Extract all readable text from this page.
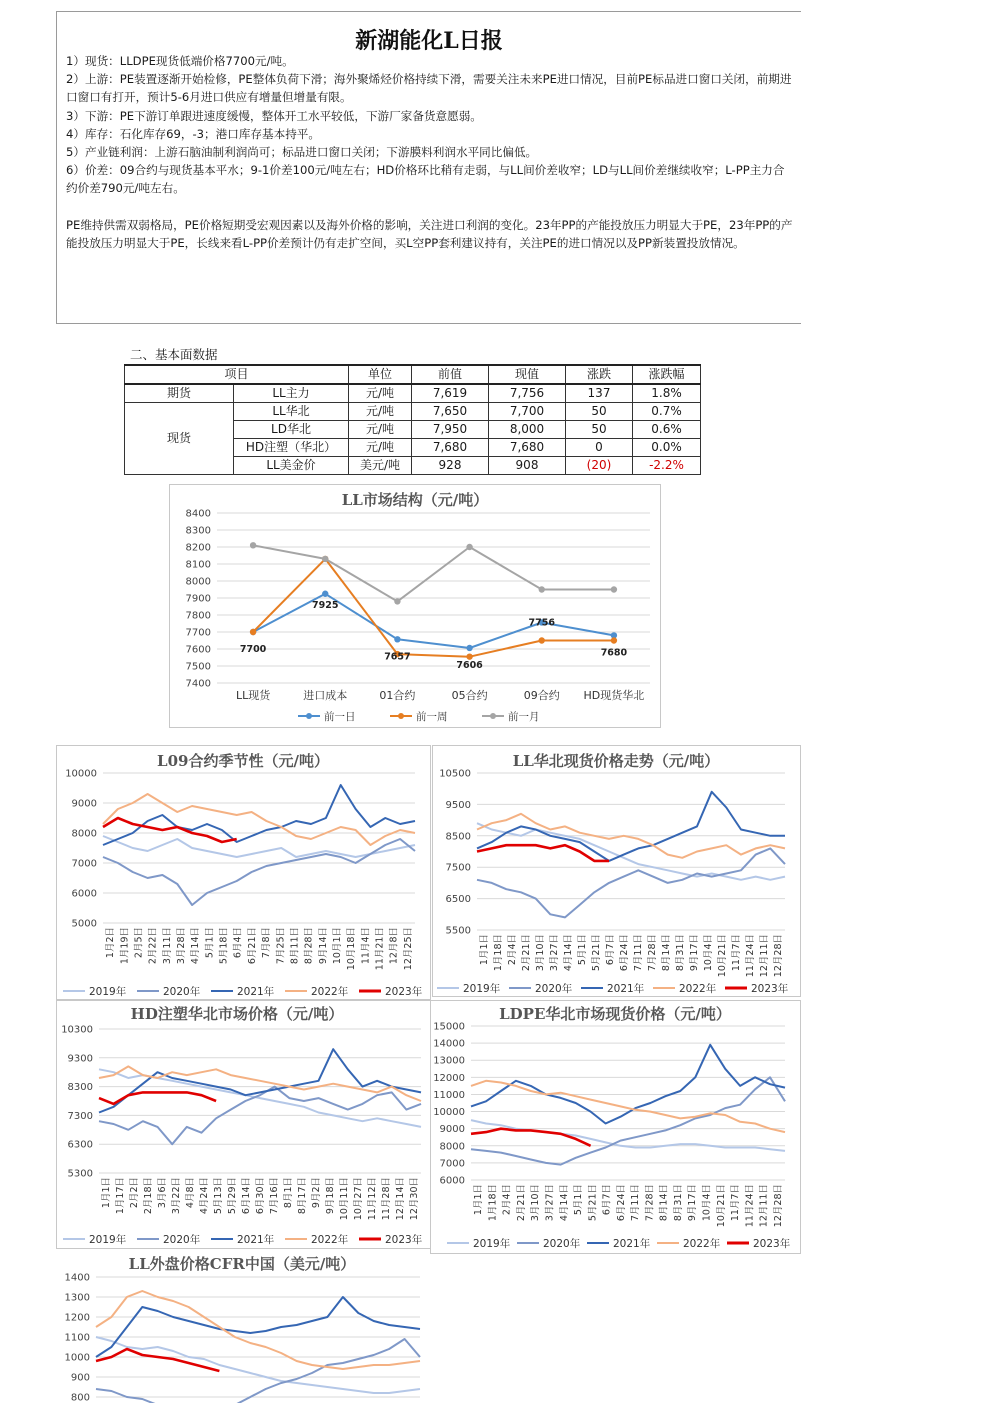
新湖能化L日报

1）现货：LLDPE现货低端价格7700元/吨。

2）上游：PE装置逐渐开始检修，PE整体负荷下滑；海外聚烯烃价格持续下滑，需要关注未来PE进口情况，目前PE标品进口窗口关闭，前期进口窗口有打开，预计5-6月进口供应有增量但增量有限。

3）下游：PE下游订单跟进速度缓慢，整体开工水平较低，下游厂家备货意愿弱。

4）库存：石化库存69，-3；港口库存基本持平。

5）产业链利润：上游石脑油制利润尚可；标品进口窗口关闭；下游膜料利润水平同比偏低。

6）价差：09合约与现货基本平水；9-1价差100元/吨左右；HD价格环比稍有走弱，与LL间价差收窄；LD与LL间价差继续收窄；L-PP主力合约价差790元/吨左右。

PE维持供需双弱格局，PE价格短期受宏观因素以及海外价格的影响，关注进口利润的变化。23年PP的产能投放压力明显大于PE，23年PP的产能投放压力明显大于PE，长线来看L-PP价差预计仍有走扩空间，买L空PP套利建议持有，关注PE的进口情况以及PP新装置投放情况。

二、基本面数据
项目		单位	前值	现值	涨跌	涨跌幅
期货	LL主力	元/吨	7,619	7,756	137	1.8%
现货	LL华北	元/吨	7,650	7,700	50	0.7%
	LD华北	元/吨	7,950	8,000	50	0.6%
	HD注塑（华北）	元/吨	7,680	7,680	0	0.0%
	LL美金价	美元/吨	928	908	(20)	-2.2%
LL市场结构（元/吨）
7400
7500
7600
7700
7800
7900
8000
8100
8200
8300
8400
LL现货	进口成本	01合约	05合约	09合约 HD现货华北
7700
7925
7657
7606
7756
7680
前一日	前一周	前一月
L09合约季节性（元/吨）
5000
6000
7000
8000
9000
10000
1月2日 1月19日 2月5日 2月22日 3月11日 3月28日 4月14日 5月1日 5月18日 6月4日 6月21日 7月8日 7月25日 8月11日 8月28日 9月14日 10月1日 10月18日 11月4日 11月21日 12月8日 12月25日
2019年	2020年	2021年	2022年	2023年
LL华北现货价格走势（元/吨）
5500
6500
7500
8500
9500
10500
1月1日 1月18日 2月4日 2月21日 3月10日 3月27日 4月14日 5月1日 5月21日 6月7日 6月24日 7月11日 7月28日 8月14日 8月31日 9月17日 10月4日 10月21日 11月7日 11月24日 12月11日 12月28日
2019年	2020年	2021年	2022年	2023年
HD注塑华北市场价格（元/吨）
5300
6300
7300
8300
9300
10300
1月1日 1月17日 2月2日 2月18日 3月6日 3月22日 4月8日 4月24日 5月13日 5月29日 6月14日 6月30日 7月16日 8月1日 8月17日 9月2日 9月18日 10月11日 10月27日 11月12日 11月28日 12月14日 12月30日
2019年	2020年	2021年	2022年	2023年
LDPE华北市场现货价格（元/吨）
6000
7000
8000
9000
10000
11000
12000
13000
14000
15000
1月1日 1月18日 2月4日 2月21日 3月10日 3月27日 4月14日 5月1日 5月21日 6月7日 6月24日 7月11日 7月28日 8月14日 8月31日 9月17日 10月4日 10月21日 11月7日 11月24日 12月11日 12月28日
2019年	2020年	2021年	2022年	2023年
LL外盘价格CFR中国（美元/吨）
800
900
1000
1100
1200
1300
1400
